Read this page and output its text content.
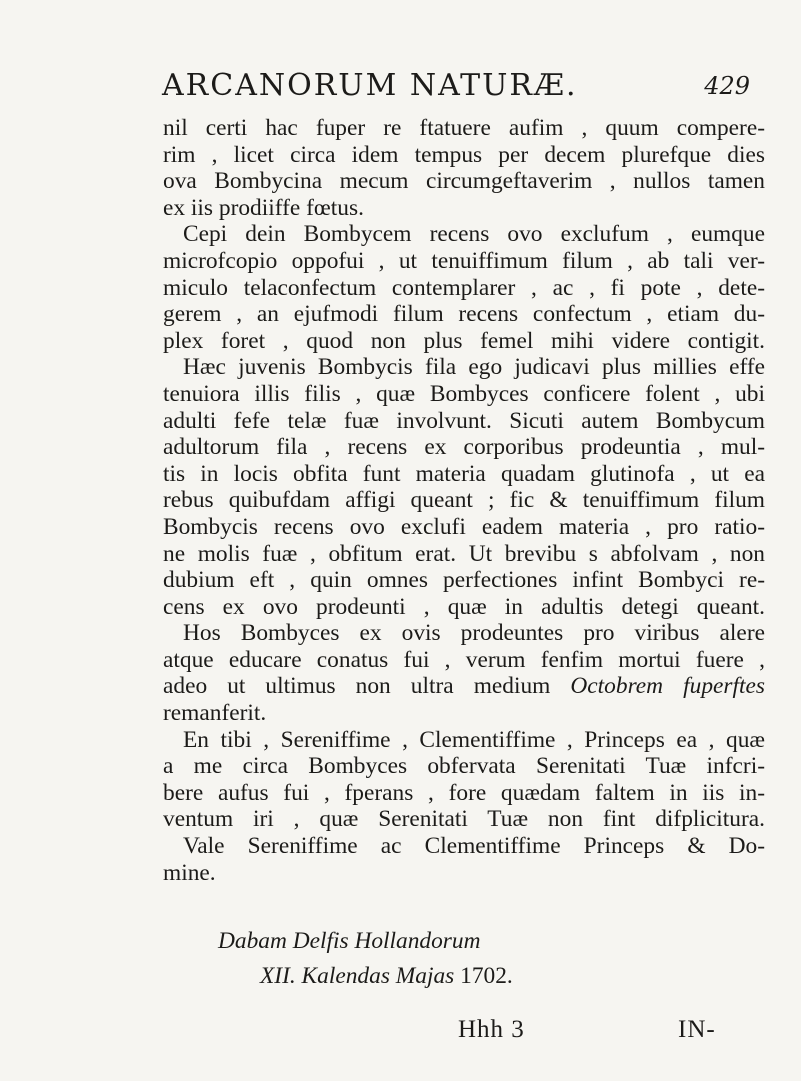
ARCANORUM NATURÆ.	429
nil certi hac fuper re ftatuere aufim , quum compere-
rim , licet circa idem tempus per decem plurefque dies
ova Bombycina mecum circumgeftaverim , nullos tamen
ex iis prodiiffe fœtus.
Cepi dein Bombycem recens ovo exclufum , eumque
microfcopio oppofui , ut tenuiffimum filum , ab tali ver-
miculo telaconfectum contemplarer , ac , fi pote , dete-
gerem , an ejufmodi filum recens confectum , etiam du-
plex foret , quod non plus femel mihi videre contigit.
Hæc juvenis Bombycis fila ego judicavi plus millies effe
tenuiora illis filis , quæ Bombyces conficere folent , ubi
adulti fefe telæ fuæ involvunt. Sicuti autem Bombycum
adultorum fila , recens ex corporibus prodeuntia , mul-
tis in locis obfita funt materia quadam glutinofa , ut ea
rebus quibufdam affigi queant ; fic & tenuiffimum filum
Bombycis recens ovo exclufi eadem materia , pro ratio-
ne molis fuæ , obfitum erat. Ut brevibu s abfolvam , non
dubium eft , quin omnes perfectiones infint Bombyci re-
cens ex ovo prodeunti , quæ in adultis detegi queant.
Hos Bombyces ex ovis prodeuntes pro viribus alere
atque educare conatus fui , verum fenfim mortui fuere ,
adeo ut ultimus non ultra medium Octobrem fuperftes
remanferit.
En tibi , Sereniffime , Clementiffime , Princeps ea , quæ
a me circa Bombyces obfervata Serenitati Tuæ infcri-
bere aufus fui , fperans , fore quædam faltem in iis in-
ventum iri , quæ Serenitati Tuæ non fint difplicitura.
Vale Sereniffime ac Clementiffime Princeps & Do-
mine.
Dabam Delfis Hollandorum
XII. Kalendas Majas 1702.
Hhh 3	IN-
